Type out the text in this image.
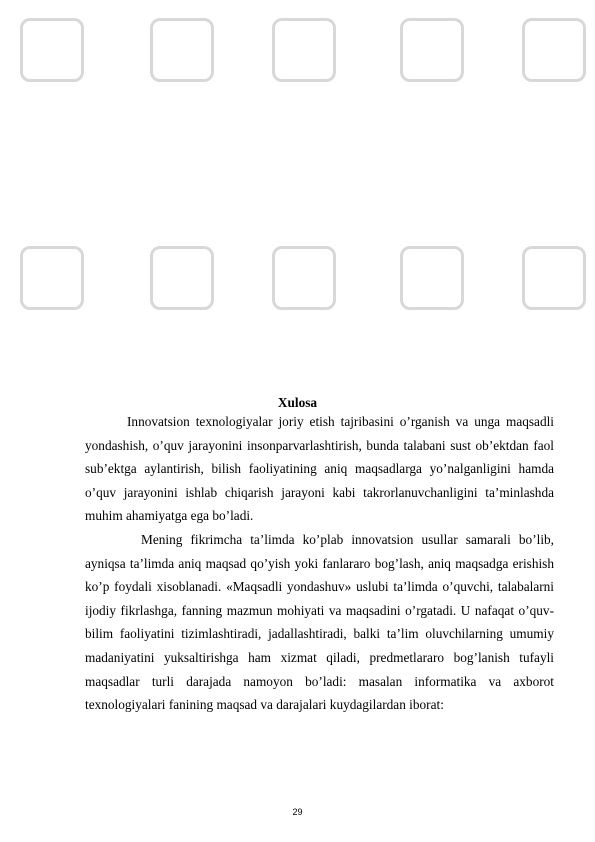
Xulosa

Innovatsion texnologiyalar joriy etish tajribasini o’rganish va unga maqsadli yondashish, o’quv jarayonini insonparvarlashtirish, bunda talabani sust ob’ektdan faol sub’ektga aylantirish, bilish faoliyatining aniq maqsadlarga yo’nalganligini hamda o’quv jarayonini ishlab chiqarish jarayoni kabi takrorlanuvchanligini ta’minlashda muhim ahamiyatga ega bo’ladi.

Mening fikrimcha ta’limda ko’plab innovatsion usullar samarali bo’lib, ayniqsa ta’limda aniq maqsad qo’yish yoki fanlararo bog’lash, aniq maqsadga erishish ko’p foydali xisoblanadi. «Maqsadli yondashuv» uslubi ta’limda o’quvchi, talabalarni ijodiy fikrlashga, fanning mazmun mohiyati va maqsadini o’rgatadi. U nafaqat o’quv-bilim faoliyatini tizimlashtiradi, jadallashtiradi, balki ta’lim oluvchilarning umumiy madaniyatini yuksaltirishga ham xizmat qiladi, predmetlararo bog’lanish tufayli maqsadlar turli darajada namoyon bo’ladi: masalan informatika va axborot texnologiyalari fanining maqsad va darajalari kuydagilardan iborat:

29
